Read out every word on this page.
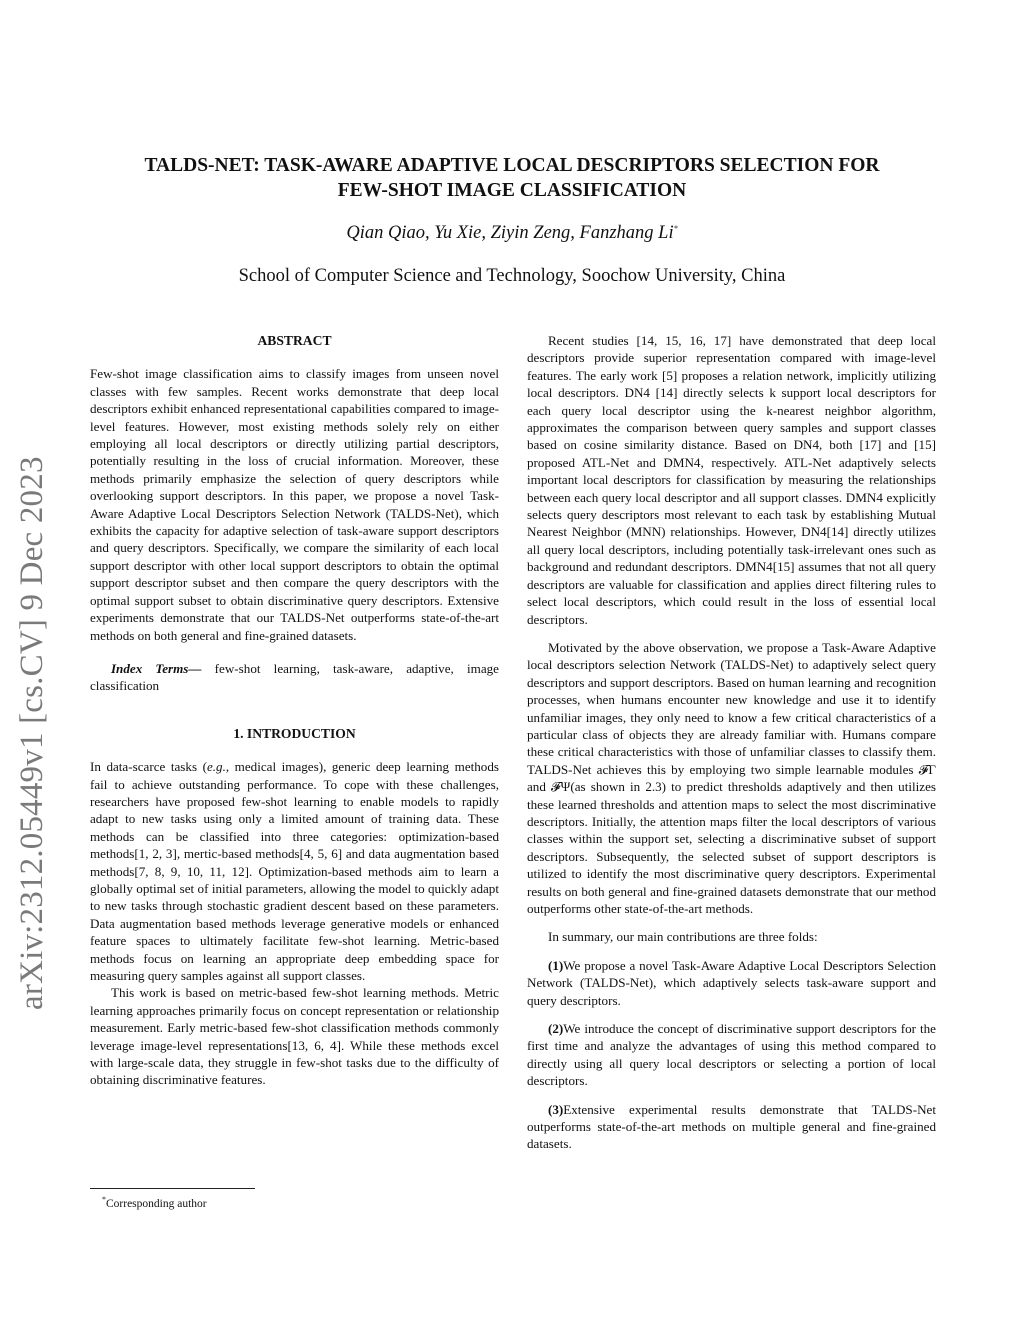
arXiv:2312.05449v1 [cs.CV] 9 Dec 2023
TALDS-NET: TASK-AWARE ADAPTIVE LOCAL DESCRIPTORS SELECTION FOR
FEW-SHOT IMAGE CLASSIFICATION
Qian Qiao, Yu Xie, Ziyin Zeng, Fanzhang Li*
School of Computer Science and Technology, Soochow University, China
ABSTRACT

Few-shot image classification aims to classify images from unseen novel classes with few samples. Recent works demonstrate that deep local descriptors exhibit enhanced representational capabilities compared to image-level features. However, most existing methods solely rely on either employing all local descriptors or directly utilizing partial descriptors, potentially resulting in the loss of crucial information. Moreover, these methods primarily emphasize the selection of query descriptors while overlooking support descriptors. In this paper, we propose a novel Task-Aware Adaptive Local Descriptors Selection Network (TALDS-Net), which exhibits the capacity for adaptive selection of task-aware support descriptors and query descriptors. Specifically, we compare the similarity of each local support descriptor with other local support descriptors to obtain the optimal support descriptor subset and then compare the query descriptors with the optimal support subset to obtain discriminative query descriptors. Extensive experiments demonstrate that our TALDS-Net outperforms state-of-the-art methods on both general and fine-grained datasets.

Index Terms— few-shot learning, task-aware, adaptive, image classification

1. INTRODUCTION

In data-scarce tasks (e.g., medical images), generic deep learning methods fail to achieve outstanding performance. To cope with these challenges, researchers have proposed few-shot learning to enable models to rapidly adapt to new tasks using only a limited amount of training data. These methods can be classified into three categories: optimization-based methods[1, 2, 3], mertic-based methods[4, 5, 6] and data augmentation based methods[7, 8, 9, 10, 11, 12]. Optimization-based methods aim to learn a globally optimal set of initial parameters, allowing the model to quickly adapt to new tasks through stochastic gradient descent based on these parameters. Data augmentation based methods leverage generative models or enhanced feature spaces to ultimately facilitate few-shot learning. Metric-based methods focus on learning an appropriate deep embedding space for measuring query samples against all support classes.

This work is based on metric-based few-shot learning methods. Metric learning approaches primarily focus on concept representation or relationship measurement. Early metric-based few-shot classification methods commonly leverage image-level representations[13, 6, 4]. While these methods excel with large-scale data, they struggle in few-shot tasks due to the difficulty of obtaining discriminative features.

*Corresponding author

Recent studies [14, 15, 16, 17] have demonstrated that deep local descriptors provide superior representation compared with image-level features. The early work [5] proposes a relation network, implicitly utilizing local descriptors. DN4 [14] directly selects k support local descriptors for each query local descriptor using the k-nearest neighbor algorithm, approximates the comparison between query samples and support classes based on cosine similarity distance. Based on DN4, both [17] and [15] proposed ATL-Net and DMN4, respectively. ATL-Net adaptively selects important local descriptors for classification by measuring the relationships between each query local descriptor and all support classes. DMN4 explicitly selects query descriptors most relevant to each task by establishing Mutual Nearest Neighbor (MNN) relationships. However, DN4[14] directly utilizes all query local descriptors, including potentially task-irrelevant ones such as background and redundant descriptors. DMN4[15] assumes that not all query descriptors are valuable for classification and applies direct filtering rules to select local descriptors, which could result in the loss of essential local descriptors.

Motivated by the above observation, we propose a Task-Aware Adaptive local descriptors selection Network (TALDS-Net) to adaptively select query descriptors and support descriptors. Based on human learning and recognition processes, when humans encounter new knowledge and use it to identify unfamiliar images, they only need to know a few critical characteristics of a particular class of objects they are already familiar with. Humans compare these critical characteristics with those of unfamiliar classes to classify them. TALDS-Net achieves this by employing two simple learnable modules 𝓕Γ and 𝓕Ψ(as shown in 2.3) to predict thresholds adaptively and then utilizes these learned thresholds and attention maps to select the most discriminative descriptors. Initially, the attention maps filter the local descriptors of various classes within the support set, selecting a discriminative subset of support descriptors. Subsequently, the selected subset of support descriptors is utilized to identify the most discriminative query descriptors. Experimental results on both general and fine-grained datasets demonstrate that our method outperforms other state-of-the-art methods.

In summary, our main contributions are three folds:

(1)We propose a novel Task-Aware Adaptive Local Descriptors Selection Network (TALDS-Net), which adaptively selects task-aware support and query descriptors.

(2)We introduce the concept of discriminative support descriptors for the first time and analyze the advantages of using this method compared to directly using all query local descriptors or selecting a portion of local descriptors.

(3)Extensive experimental results demonstrate that TALDS-Net outperforms state-of-the-art methods on multiple general and fine-grained datasets.
